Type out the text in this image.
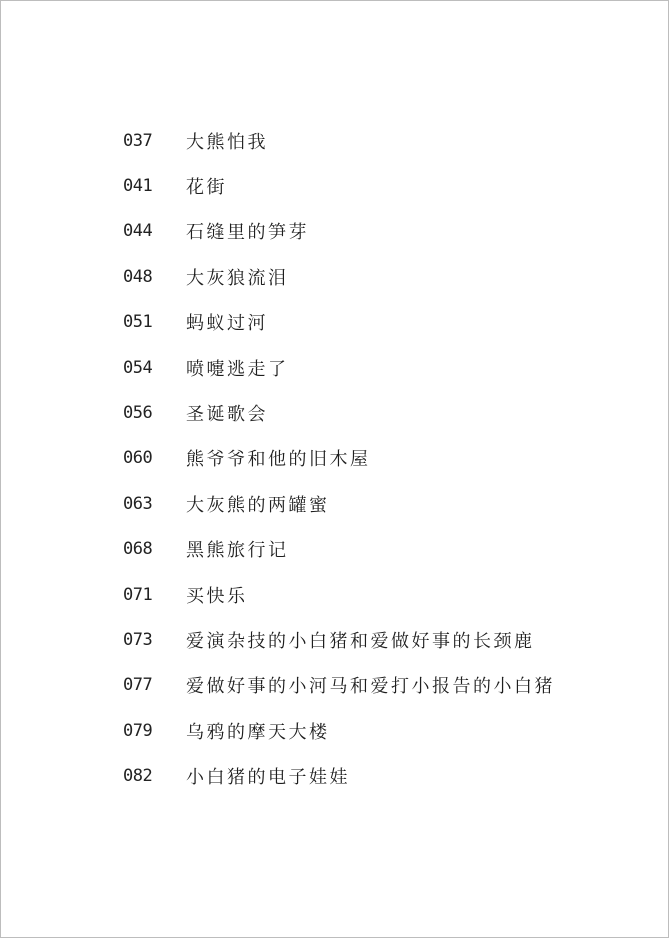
037	大熊怕我
041	花街
044	石缝里的笋芽
048	大灰狼流泪
051	蚂蚁过河
054	喷嚏逃走了
056	圣诞歌会
060	熊爷爷和他的旧木屋
063	大灰熊的两罐蜜
068	黑熊旅行记
071	买快乐
073	爱演杂技的小白猪和爱做好事的长颈鹿
077	爱做好事的小河马和爱打小报告的小白猪
079	乌鸦的摩天大楼
082	小白猪的电子娃娃
